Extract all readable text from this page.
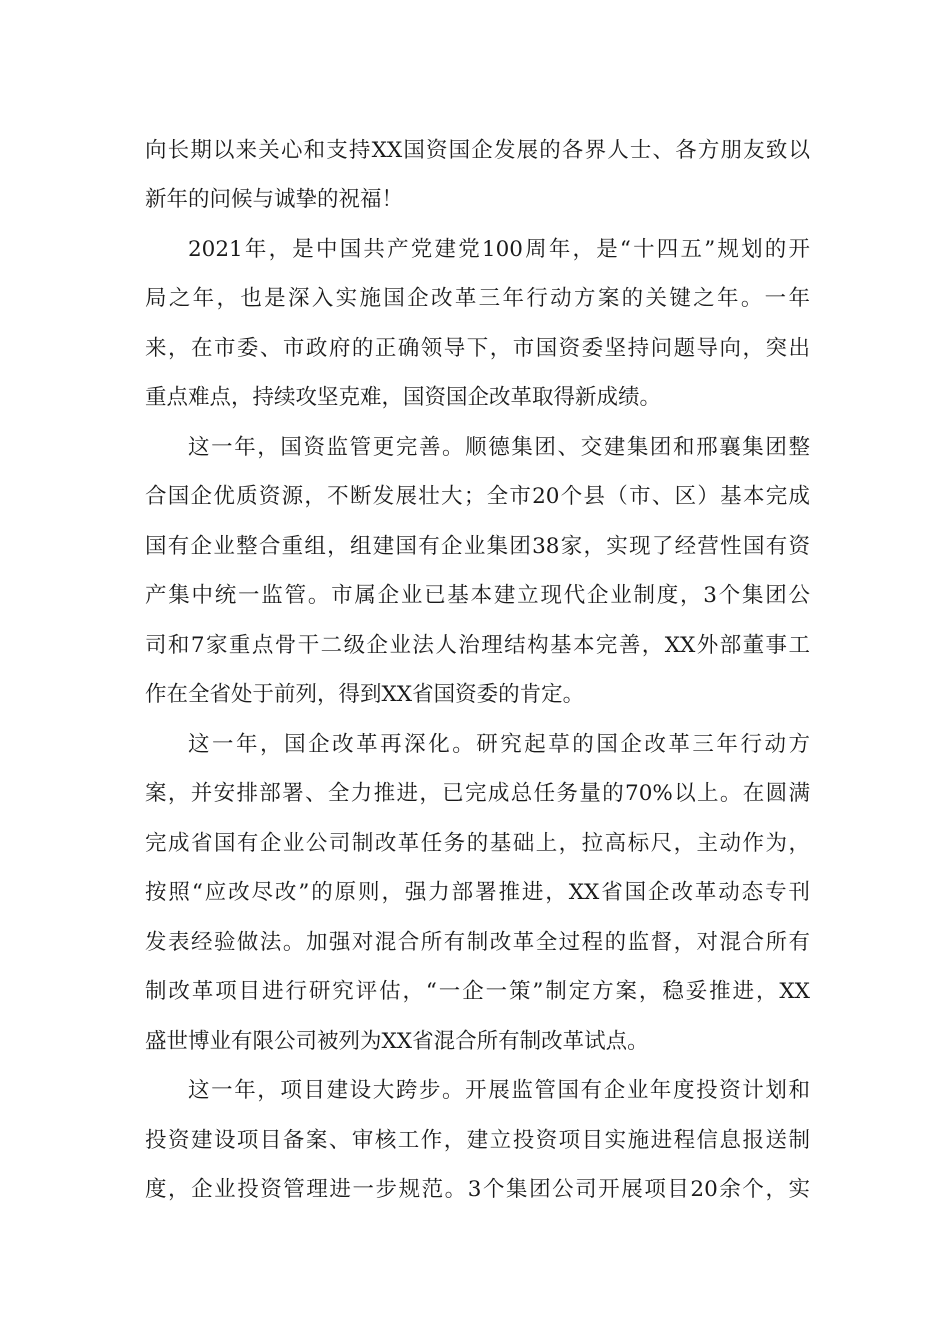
向长期以来关心和支持XX国资国企发展的各界人士、各方朋友致以
新年的问候与诚挚的祝福！
2021年，是中国共产党建党100周年，是“十四五”规划的开
局之年，也是深入实施国企改革三年行动方案的关键之年。一年
来，在市委、市政府的正确领导下，市国资委坚持问题导向，突出
重点难点，持续攻坚克难，国资国企改革取得新成绩。
这一年，国资监管更完善。顺德集团、交建集团和邢襄集团整
合国企优质资源，不断发展壮大；全市20个县（市、区）基本完成
国有企业整合重组，组建国有企业集团38家，实现了经营性国有资
产集中统一监管。市属企业已基本建立现代企业制度，3个集团公
司和7家重点骨干二级企业法人治理结构基本完善，XX外部董事工
作在全省处于前列，得到XX省国资委的肯定。
这一年，国企改革再深化。研究起草的国企改革三年行动方
案，并安排部署、全力推进，已完成总任务量的70%以上。在圆满
完成省国有企业公司制改革任务的基础上，拉高标尺，主动作为，
按照“应改尽改”的原则，强力部署推进，XX省国企改革动态专刊
发表经验做法。加强对混合所有制改革全过程的监督，对混合所有
制改革项目进行研究评估，“一企一策”制定方案，稳妥推进，XX
盛世博业有限公司被列为XX省混合所有制改革试点。
这一年，项目建设大跨步。开展监管国有企业年度投资计划和
投资建设项目备案、审核工作，建立投资项目实施进程信息报送制
度，企业投资管理进一步规范。3个集团公司开展项目20余个，实
